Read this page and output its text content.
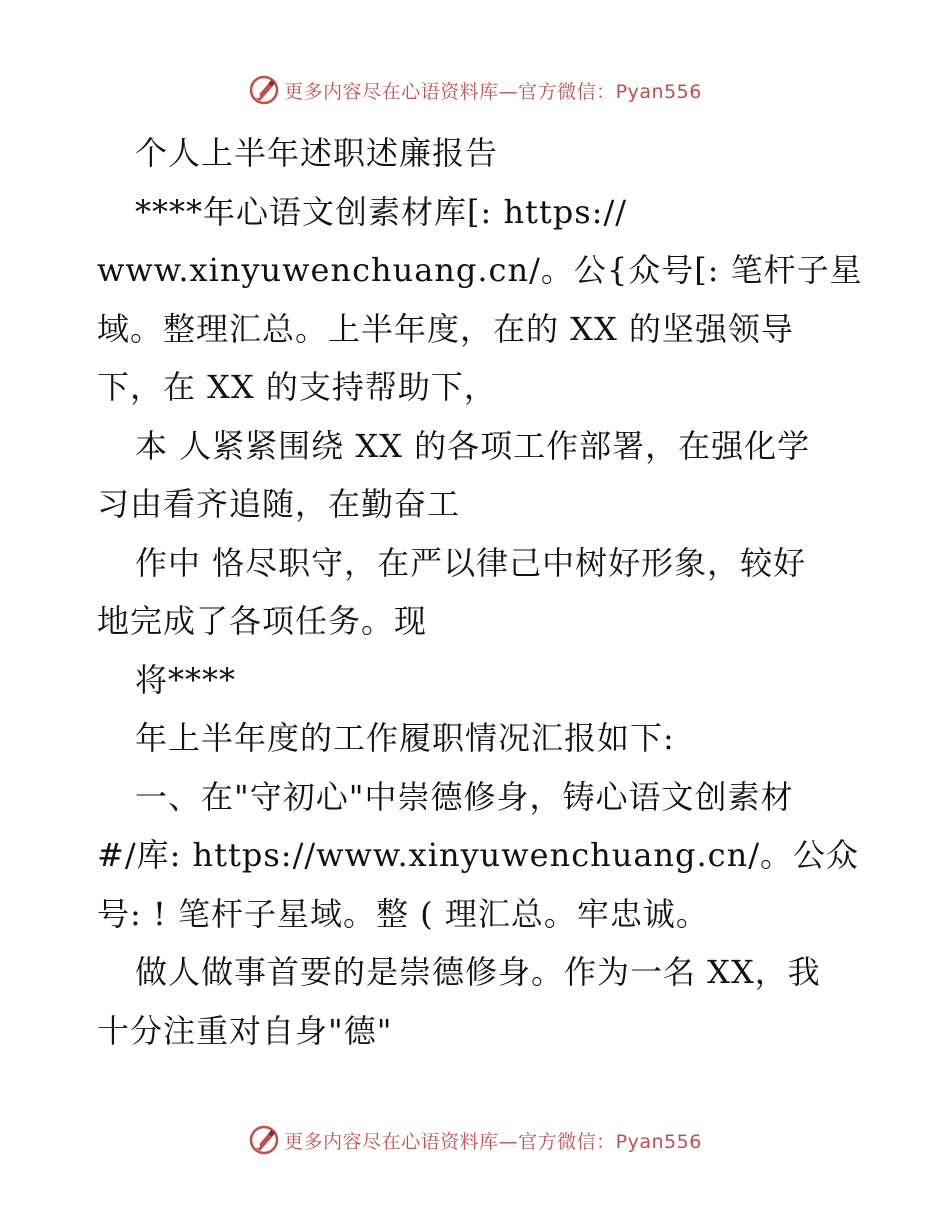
更多内容尽在心语资料库—官方微信：Pyan556
个人上半年述职述廉报告
****年心语文创素材库[: https://
www.xinyuwenchuang.cn/。公{众号[: 笔杆子星
域。整理汇总。上半年度，在的 XX 的坚强领导
下，在 XX 的支持帮助下，
本 人紧紧围绕 XX 的各项工作部署，在强化学
习由看齐追随，在勤奋工
作中 恪尽职守，在严以律己中树好形象，较好
地完成了各项任务。现
将****
年上半年度的工作履职情况汇报如下:
一、在"守初心"中崇德修身，铸心语文创素材
#/库: https://www.xinyuwenchuang.cn/。公众
号: ! 笔杆子星域。整 ( 理汇总。牢忠诚。
做人做事首要的是崇德修身。作为一名 XX，我
十分注重对自身"德"
更多内容尽在心语资料库—官方微信：Pyan556
